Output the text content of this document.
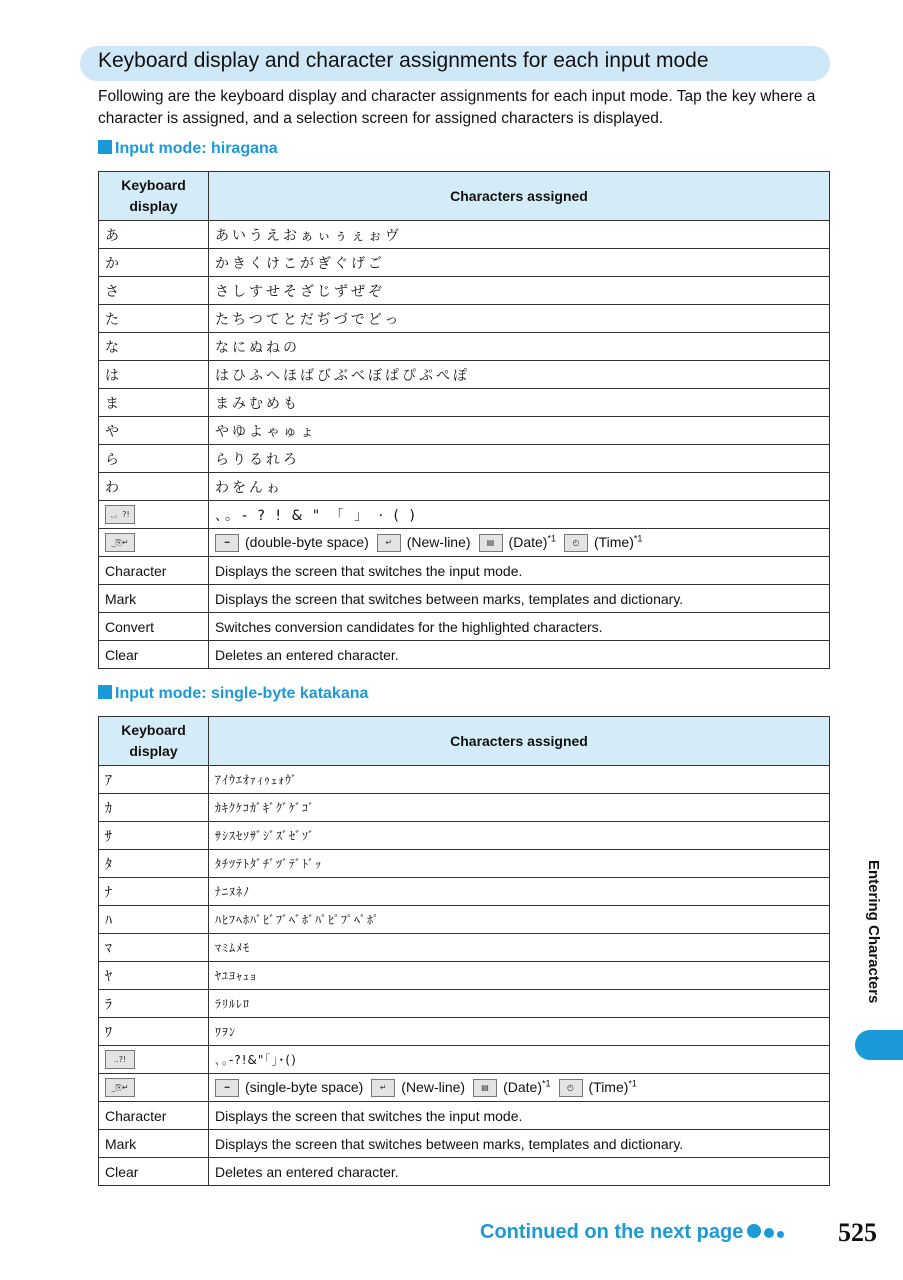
Keyboard display and character assignments for each input mode
Following are the keyboard display and character assignments for each input mode. Tap the key where a character is assigned, and a selection screen for assigned characters is displayed.
Input mode: hiragana
Keyboard
display	Characters assigned
あ	あいうえおぁぃぅぇぉヴ
か	かきくけこがぎぐげご
さ	さしすせそざじずぜぞ
た	たちつてとだぢづでどっ
な	なにぬねの
は	はひふへほばびぶべぼぱぴぷぺぽ
ま	まみむめも
や	やゆよゃゅょ
ら	らりるれろ
わ	わをんゎ
、。?!	、。- ? ! & " 「 」 · ( )
_⎘↵	━ (double-byte space) ↵ (New-line) ▤ (Date)$^{*1}$ ◴ (Time)$^{*1}$
Character	Displays the screen that switches the input mode.
Mark	Displays the screen that switches between marks, templates and dictionary.
Convert	Switches conversion candidates for the highlighted characters.
Clear	Deletes an entered character.
Input mode: single-byte katakana
Keyboard
display	Characters assigned
ｱ	ｱｲｳｴｵｧｨｩｪｫｳﾞ
ｶ	ｶｷｸｹｺｶﾞｷﾞｸﾞｹﾞｺﾞ
ｻ	ｻｼｽｾｿｻﾞｼﾞｽﾞｾﾞｿﾞ
ﾀ	ﾀﾁﾂﾃﾄﾀﾞﾁﾞﾂﾞﾃﾞﾄﾞｯ
ﾅ	ﾅﾆﾇﾈﾉ
ﾊ	ﾊﾋﾌﾍﾎﾊﾞﾋﾞﾌﾞﾍﾞﾎﾞﾊﾟﾋﾟﾌﾟﾍﾟﾎﾟ
ﾏ	ﾏﾐﾑﾒﾓ
ﾔ	ﾔﾕﾖｬｭｮ
ﾗ	ﾗﾘﾙﾚﾛ
ﾜ	ﾜｦﾝ
..?!	､｡-?!&"｢｣･()
_⎘↵	━ (single-byte space) ↵ (New-line) ▤ (Date)$^{*1}$ ◴ (Time)$^{*1}$
Character	Displays the screen that switches the input mode.
Mark	Displays the screen that switches between marks, templates and dictionary.
Clear	Deletes an entered character.
Entering Characters
Continued on the next page	525
